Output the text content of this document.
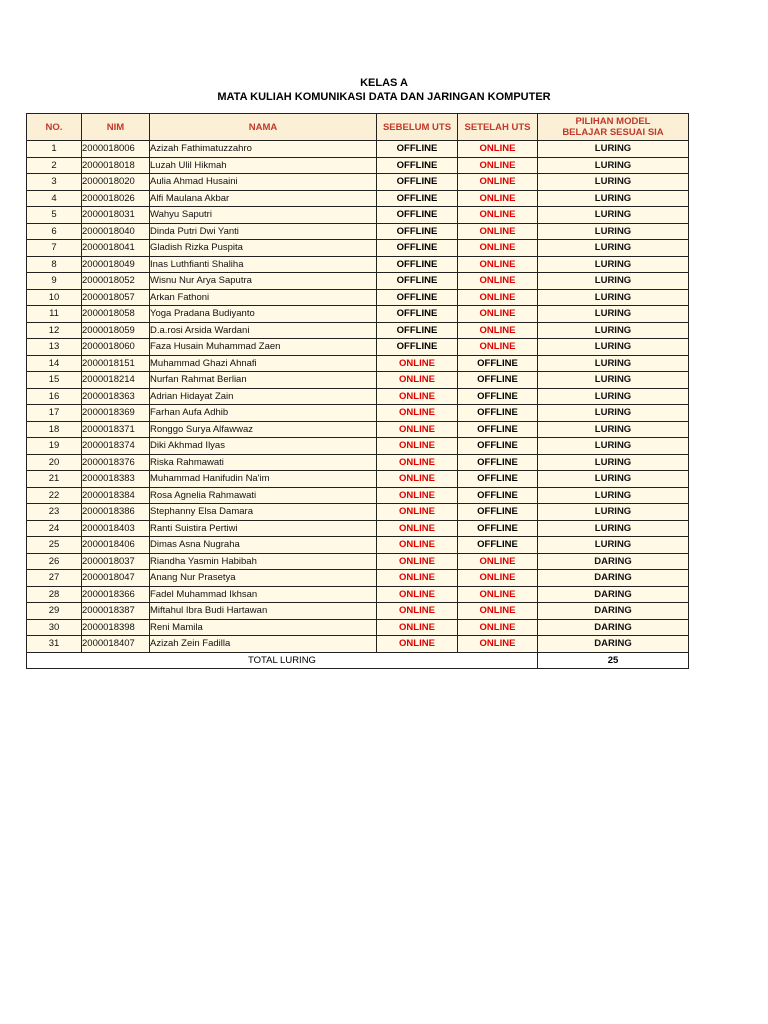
KELAS A
MATA KULIAH KOMUNIKASI DATA DAN JARINGAN KOMPUTER
NO.	NIM	NAMA	SEBELUM UTS	SETELAH UTS	PILIHAN MODEL BELAJAR SESUAI SIA
1	2000018006	Azizah Fathimatuzzahro	OFFLINE	ONLINE	LURING
2	2000018018	Luzah Ulil Hikmah	OFFLINE	ONLINE	LURING
3	2000018020	Aulia Ahmad Husaini	OFFLINE	ONLINE	LURING
4	2000018026	Alfi Maulana Akbar	OFFLINE	ONLINE	LURING
5	2000018031	Wahyu Saputri	OFFLINE	ONLINE	LURING
6	2000018040	Dinda Putri Dwi Yanti	OFFLINE	ONLINE	LURING
7	2000018041	Gladish Rizka Puspita	OFFLINE	ONLINE	LURING
8	2000018049	Inas Luthfianti Shaliha	OFFLINE	ONLINE	LURING
9	2000018052	Wisnu Nur Arya Saputra	OFFLINE	ONLINE	LURING
10	2000018057	Arkan Fathoni	OFFLINE	ONLINE	LURING
11	2000018058	Yoga Pradana Budiyanto	OFFLINE	ONLINE	LURING
12	2000018059	D.a.rosi Arsida Wardani	OFFLINE	ONLINE	LURING
13	2000018060	Faza Husain Muhammad Zaen	OFFLINE	ONLINE	LURING
14	2000018151	Muhammad Ghazi Ahnafi	ONLINE	OFFLINE	LURING
15	2000018214	Nurfan Rahmat Berlian	ONLINE	OFFLINE	LURING
16	2000018363	Adrian Hidayat Zain	ONLINE	OFFLINE	LURING
17	2000018369	Farhan Aufa Adhib	ONLINE	OFFLINE	LURING
18	2000018371	Ronggo Surya Alfawwaz	ONLINE	OFFLINE	LURING
19	2000018374	Diki Akhmad Ilyas	ONLINE	OFFLINE	LURING
20	2000018376	Riska Rahmawati	ONLINE	OFFLINE	LURING
21	2000018383	Muhammad Hanifudin Na'im	ONLINE	OFFLINE	LURING
22	2000018384	Rosa Agnelia Rahmawati	ONLINE	OFFLINE	LURING
23	2000018386	Stephanny Elsa Damara	ONLINE	OFFLINE	LURING
24	2000018403	Ranti Suistira Pertiwi	ONLINE	OFFLINE	LURING
25	2000018406	Dimas Asna Nugraha	ONLINE	OFFLINE	LURING
26	2000018037	Riandha Yasmin Habibah	ONLINE	ONLINE	DARING
27	2000018047	Anang Nur Prasetya	ONLINE	ONLINE	DARING
28	2000018366	Fadel Muhammad Ikhsan	ONLINE	ONLINE	DARING
29	2000018387	Miftahul Ibra Budi Hartawan	ONLINE	ONLINE	DARING
30	2000018398	Reni Mamila	ONLINE	ONLINE	DARING
31	2000018407	Azizah Zein Fadilla	ONLINE	ONLINE	DARING
TOTAL LURING					25
